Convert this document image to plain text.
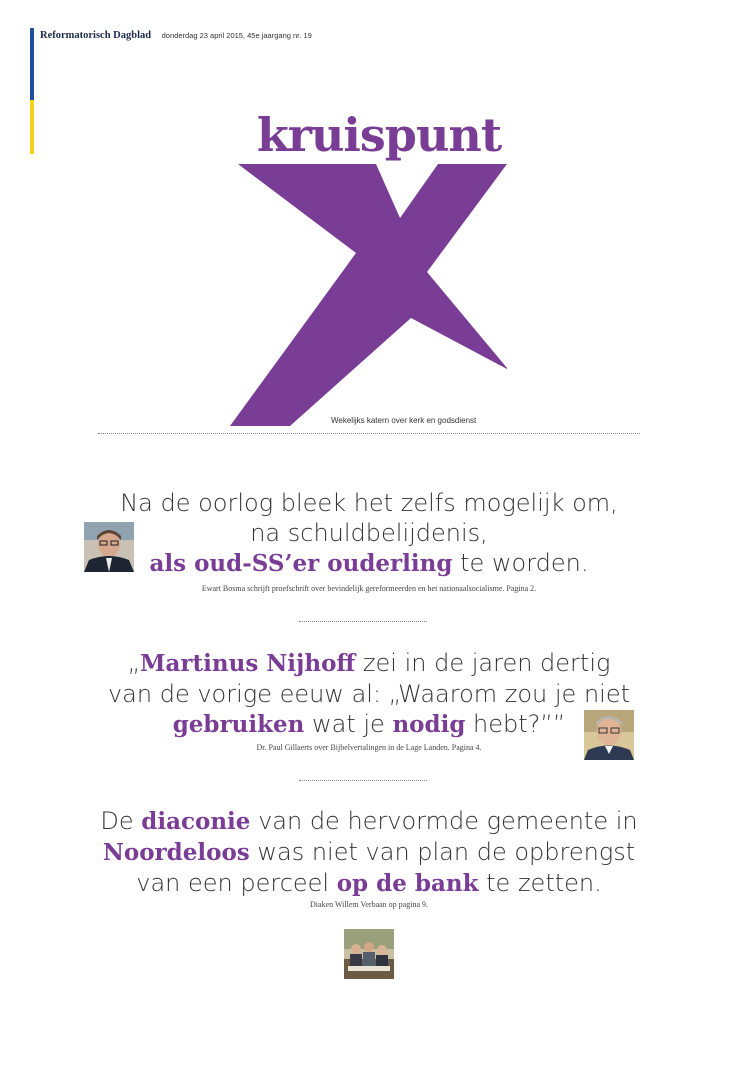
Reformatorisch Dagblad donderdag 23 april 2015, 45e jaargang nr. 19
kruispunt
Wekelijks katern over kerk en godsdienst
Na de oorlog bleek het zelfs mogelijk om,
na schuldbelijdenis,
als oud-SS’er ouderling te worden.
Ewart Bosma schrijft proefschrift over bevindelijk gereformeerden en het nationaalsocialisme. Pagina 2.
„Martinus Nijhoff zei in de jaren dertig
van de vorige eeuw al: „Waarom zou je niet
gebruiken wat je nodig hebt?””
Dr. Paul Gillaerts over Bijbelvertalingen in de Lage Landen. Pagina 4.
De diaconie van de hervormde gemeente in
Noordeloos was niet van plan de opbrengst
van een perceel op de bank te zetten.
Diaken Willem Verbaan op pagina 9.
